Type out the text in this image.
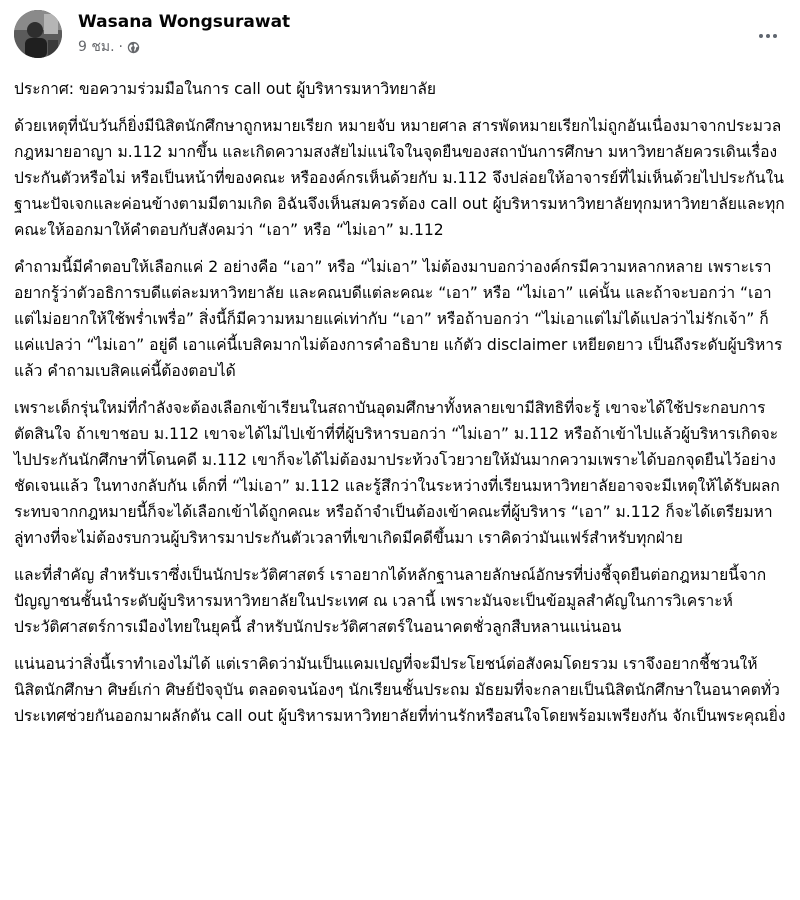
Wasana Wongsurawat
9 ชม. ·

ประกาศ: ขอความร่วมมือในการ call out ผู้บริหารมหาวิทยาลัย

ด้วยเหตุที่นับวันก็ยิ่งมีนิสิตนักศึกษาถูกหมายเรียก หมายจับ หมายศาล สารพัดหมายเรียกไม่ถูกอันเนื่องมาจากประมวลกฎหมายอาญา ม.112 มากขึ้น และเกิดความสงสัยไม่แน่ใจในจุดยืนของสถาบันการศึกษา มหาวิทยาลัยควรเดินเรื่องประกันตัวหรือไม่ หรือเป็นหน้าที่ของคณะ หรือองค์กรเห็นด้วยกับ ม.112 จึงปล่อยให้อาจารย์ที่ไม่เห็นด้วยไปประกันในฐานะปัจเจกและค่อนข้างตามมีตามเกิด อิฉันจึงเห็นสมควรต้อง call out ผู้บริหารมหาวิทยาลัยทุกมหาวิทยาลัยและทุกคณะให้ออกมาให้คำตอบกับสังคมว่า “เอา” หรือ “ไม่เอา” ม.112

คำถามนี้มีคำตอบให้เลือกแค่ 2 อย่างคือ “เอา” หรือ “ไม่เอา” ไม่ต้องมาบอกว่าองค์กรมีความหลากหลาย เพราะเราอยากรู้ว่าตัวอธิการบดีแต่ละมหาวิทยาลัย และคณบดีแต่ละคณะ “เอา” หรือ “ไม่เอา” แค่นั้น และถ้าจะบอกว่า “เอา แต่ไม่อยากให้ใช้พร่ำเพรื่อ” สิ่งนี้ก็มีความหมายแค่เท่ากับ “เอา” หรือถ้าบอกว่า “ไม่เอาแต่ไม่ได้แปลว่าไม่รักเจ้า” ก็แค่แปลว่า “ไม่เอา” อยู่ดี เอาแค่นี้เบสิคมากไม่ต้องการคำอธิบาย แก้ตัว disclaimer เหยียดยาว เป็นถึงระดับผู้บริหารแล้ว คำถามเบสิคแค่นี้ต้องตอบได้

เพราะเด็กรุ่นใหม่ที่กำลังจะต้องเลือกเข้าเรียนในสถาบันอุดมศึกษาทั้งหลายเขามีสิทธิที่จะรู้ เขาจะได้ใช้ประกอบการตัดสินใจ ถ้าเขาชอบ ม.112 เขาจะได้ไม่ไปเข้าที่ที่ผู้บริหารบอกว่า “ไม่เอา” ม.112 หรือถ้าเข้าไปแล้วผู้บริหารเกิดจะไปประกันนักศึกษาที่โดนคดี ม.112 เขาก็จะได้ไม่ต้องมาประท้วงโวยวายให้มันมากความเพราะได้บอกจุดยืนไว้อย่างชัดเจนแล้ว ในทางกลับกัน เด็กที่ “ไม่เอา” ม.112 และรู้สึกว่าในระหว่างที่เรียนมหาวิทยาลัยอาจจะมีเหตุให้ได้รับผลกระทบจากกฎหมายนี้ก็จะได้เลือกเข้าได้ถูกคณะ หรือถ้าจำเป็นต้องเข้าคณะที่ผู้บริหาร “เอา” ม.112 ก็จะได้เตรียมหาลู่ทางที่จะไม่ต้องรบกวนผู้บริหารมาประกันตัวเวลาที่เขาเกิดมีคดีขึ้นมา เราคิดว่ามันแฟร์สำหรับทุกฝ่าย

และที่สำคัญ สำหรับเราซึ่งเป็นนักประวัติศาสตร์ เราอยากได้หลักฐานลายลักษณ์อักษรที่บ่งชี้จุดยืนต่อกฎหมายนี้จากปัญญาชนชั้นนำระดับผู้บริหารมหาวิทยาลัยในประเทศ ณ เวลานี้ เพราะมันจะเป็นข้อมูลสำคัญในการวิเคราะห์ประวัติศาสตร์การเมืองไทยในยุคนี้ สำหรับนักประวัติศาสตร์ในอนาคตชั่วลูกสืบหลานแน่นอน

แน่นอนว่าสิ่งนี้เราทำเองไม่ได้ แต่เราคิดว่ามันเป็นแคมเปญที่จะมีประโยชน์ต่อสังคมโดยรวม เราจึงอยากชี้ชวนให้นิสิตนักศึกษา ศิษย์เก่า ศิษย์ปัจจุบัน ตลอดจนน้องๆ นักเรียนชั้นประถม มัธยมที่จะกลายเป็นนิสิตนักศึกษาในอนาคตทั่วประเทศช่วยกันออกมาผลักดัน call out ผู้บริหารมหาวิทยาลัยที่ท่านรักหรือสนใจโดยพร้อมเพรียงกัน จักเป็นพระคุณยิ่ง
